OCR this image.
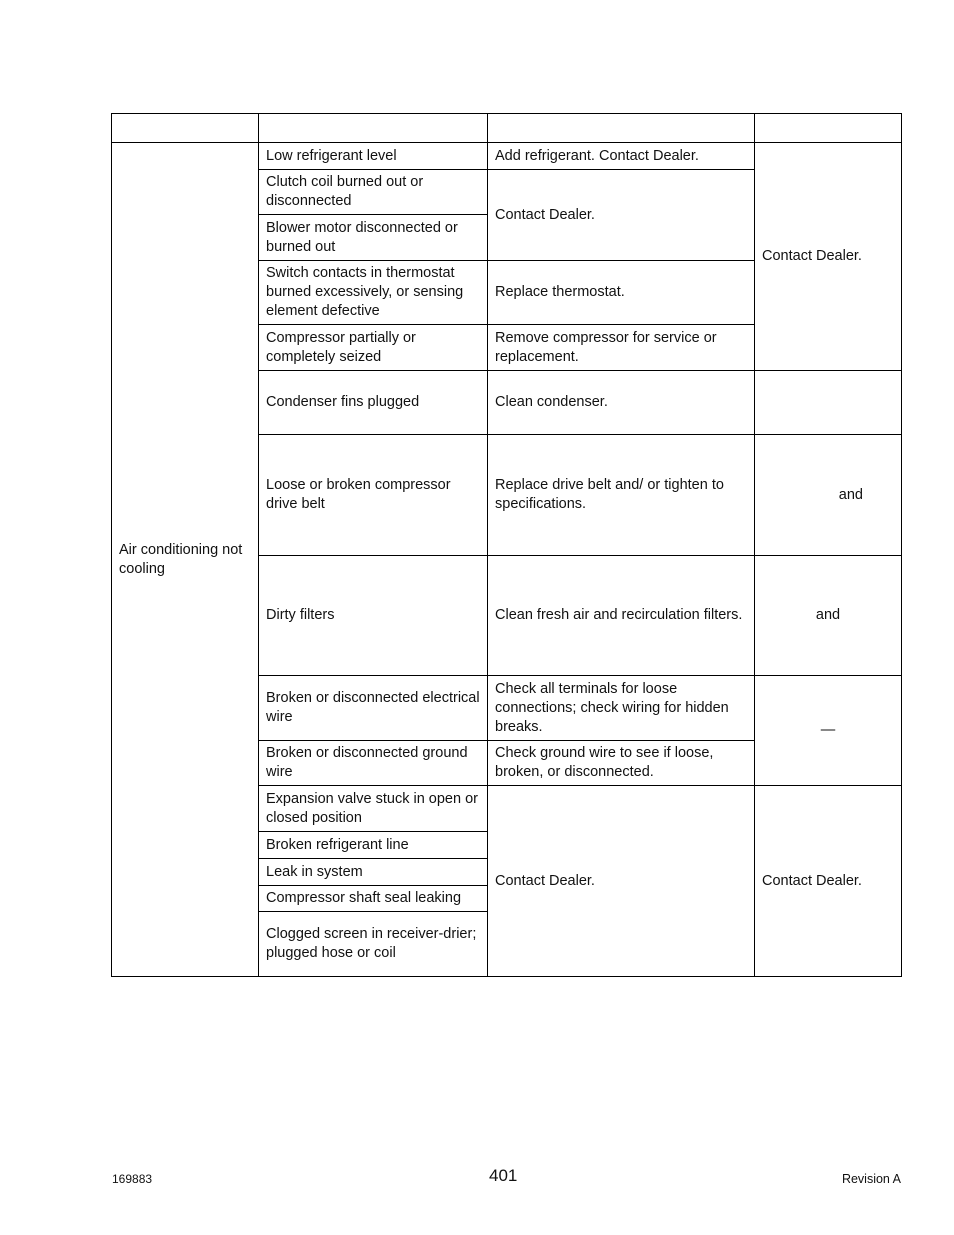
Air conditioning not cooling	Low refrigerant level	Add refrigerant. Contact Dealer.	Contact Dealer.
	Clutch coil burned out or disconnected	Contact Dealer.	
	Blower motor disconnected or burned out		
	Switch contacts in thermostat burned excessively, or sensing element defective	Replace thermostat.	
	Compressor partially or completely seized	Remove compressor for service or replacement.	
	Condenser fins plugged	Clean condenser.	
	Loose or broken compressor drive belt	Replace drive belt and/ or tighten to specifications.	and
	Dirty filters	Clean fresh air and recirculation filters.	and
	Broken or disconnected electrical wire	Check all terminals for loose connections; check wiring for hidden breaks.	—
	Broken or disconnected ground wire	Check ground wire to see if loose, broken, or disconnected.	
	Expansion valve stuck in open or closed position	Contact Dealer.	Contact Dealer.
	Broken refrigerant line		
	Leak in system		
	Compressor shaft seal leaking		
	Clogged screen in receiver-drier; plugged hose or coil		
169883	401	Revision A
